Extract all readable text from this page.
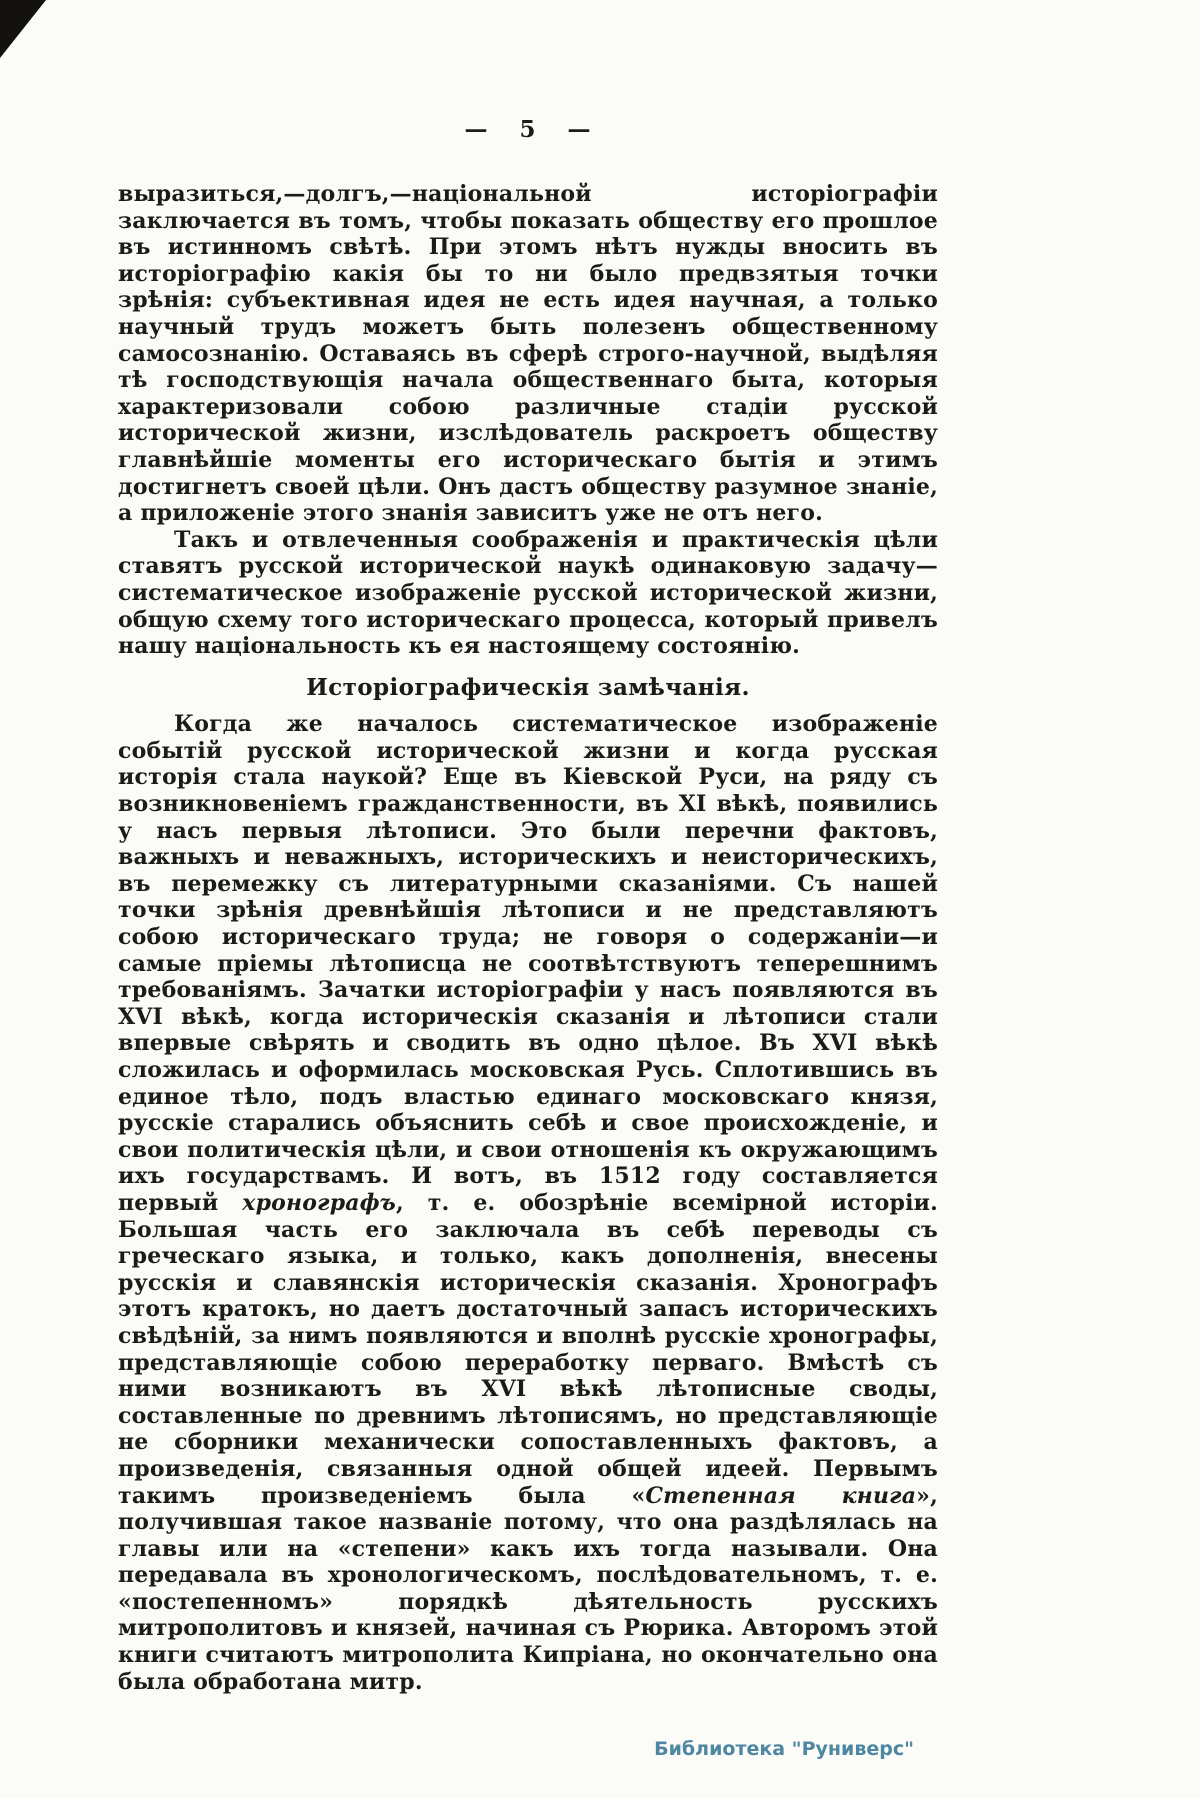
— 5 —

выразиться,—долгъ,—національной исторіографіи заключается въ томъ, чтобы показать обществу его прошлое въ истинномъ свѣтѣ. При этомъ нѣтъ нужды вносить въ исторіографію какія бы то ни было предвзятыя точки зрѣнія: субъективная идея не есть идея научная, а только научный трудъ можетъ быть полезенъ общественному самосознанію. Оставаясь въ сферѣ строго-научной, выдѣляя тѣ господствующія начала общественнаго быта, которыя характеризовали собою различные стадіи русской исторической жизни, изслѣдователь раскроетъ обществу главнѣйшіе моменты его историческаго бытія и этимъ достигнетъ своей цѣли. Онъ дастъ обществу разумное знаніе, а приложеніе этого знанія зависитъ уже не отъ него.

Такъ и отвлеченныя соображенія и практическія цѣли ставятъ русской исторической наукѣ одинаковую задачу—систематическое изображеніе русской исторической жизни, общую схему того историческаго процесса, который привелъ нашу національность къ ея настоящему состоянію.

Исторіографическія замѣчанія.

Когда же началось систематическое изображеніе событій русской исторической жизни и когда русская исторія стала наукой? Еще въ Кіевской Руси, на ряду съ возникновеніемъ гражданственности, въ XI вѣкѣ, появились у насъ первыя лѣтописи. Это были перечни фактовъ, важныхъ и неважныхъ, историческихъ и неисторическихъ, въ перемежку съ литературными сказаніями. Съ нашей точки зрѣнія древнѣйшія лѣтописи и не представляютъ собою историческаго труда; не говоря о содержаніи—и самые пріемы лѣтописца не соотвѣтствуютъ теперешнимъ требованіямъ. Зачатки исторіографіи у насъ появляются въ XVI вѣкѣ, когда историческія сказанія и лѣтописи стали впервые свѣрять и сводить въ одно цѣлое. Въ XVI вѣкѣ сложилась и оформилась московская Русь. Сплотившись въ единое тѣло, подъ властью единаго московскаго князя, русскіе старались объяснить себѣ и свое происхожденіе, и свои политическія цѣли, и свои отношенія къ окружающимъ ихъ государствамъ. И вотъ, въ 1512 году составляется первый хронографъ, т. е. обозрѣніе всемірной исторіи. Большая часть его заключала въ себѣ переводы съ греческаго языка, и только, какъ дополненія, внесены русскія и славянскія историческія сказанія. Хронографъ этотъ кратокъ, но даетъ достаточный запасъ историческихъ свѣдѣній, за нимъ появляются и вполнѣ русскіе хронографы, представляющіе собою переработку перваго. Вмѣстѣ съ ними возникаютъ въ XVI вѣкѣ лѣтописные своды, составленные по древнимъ лѣтописямъ, но представляющіе не сборники механически сопоставленныхъ фактовъ, а произведенія, связанныя одной общей идеей. Первымъ такимъ произведеніемъ была «Степенная книга», получившая такое названіе потому, что она раздѣлялась на главы или на «степени» какъ ихъ тогда называли. Она передавала въ хронологическомъ, послѣдовательномъ, т. е. «постепенномъ» порядкѣ дѣятельность русскихъ митрополитовъ и князей, начиная съ Рюрика. Авторомъ этой книги считаютъ митрополита Кипріана, но окончательно она была обработана митр.

Библиотека "Руниверс"
